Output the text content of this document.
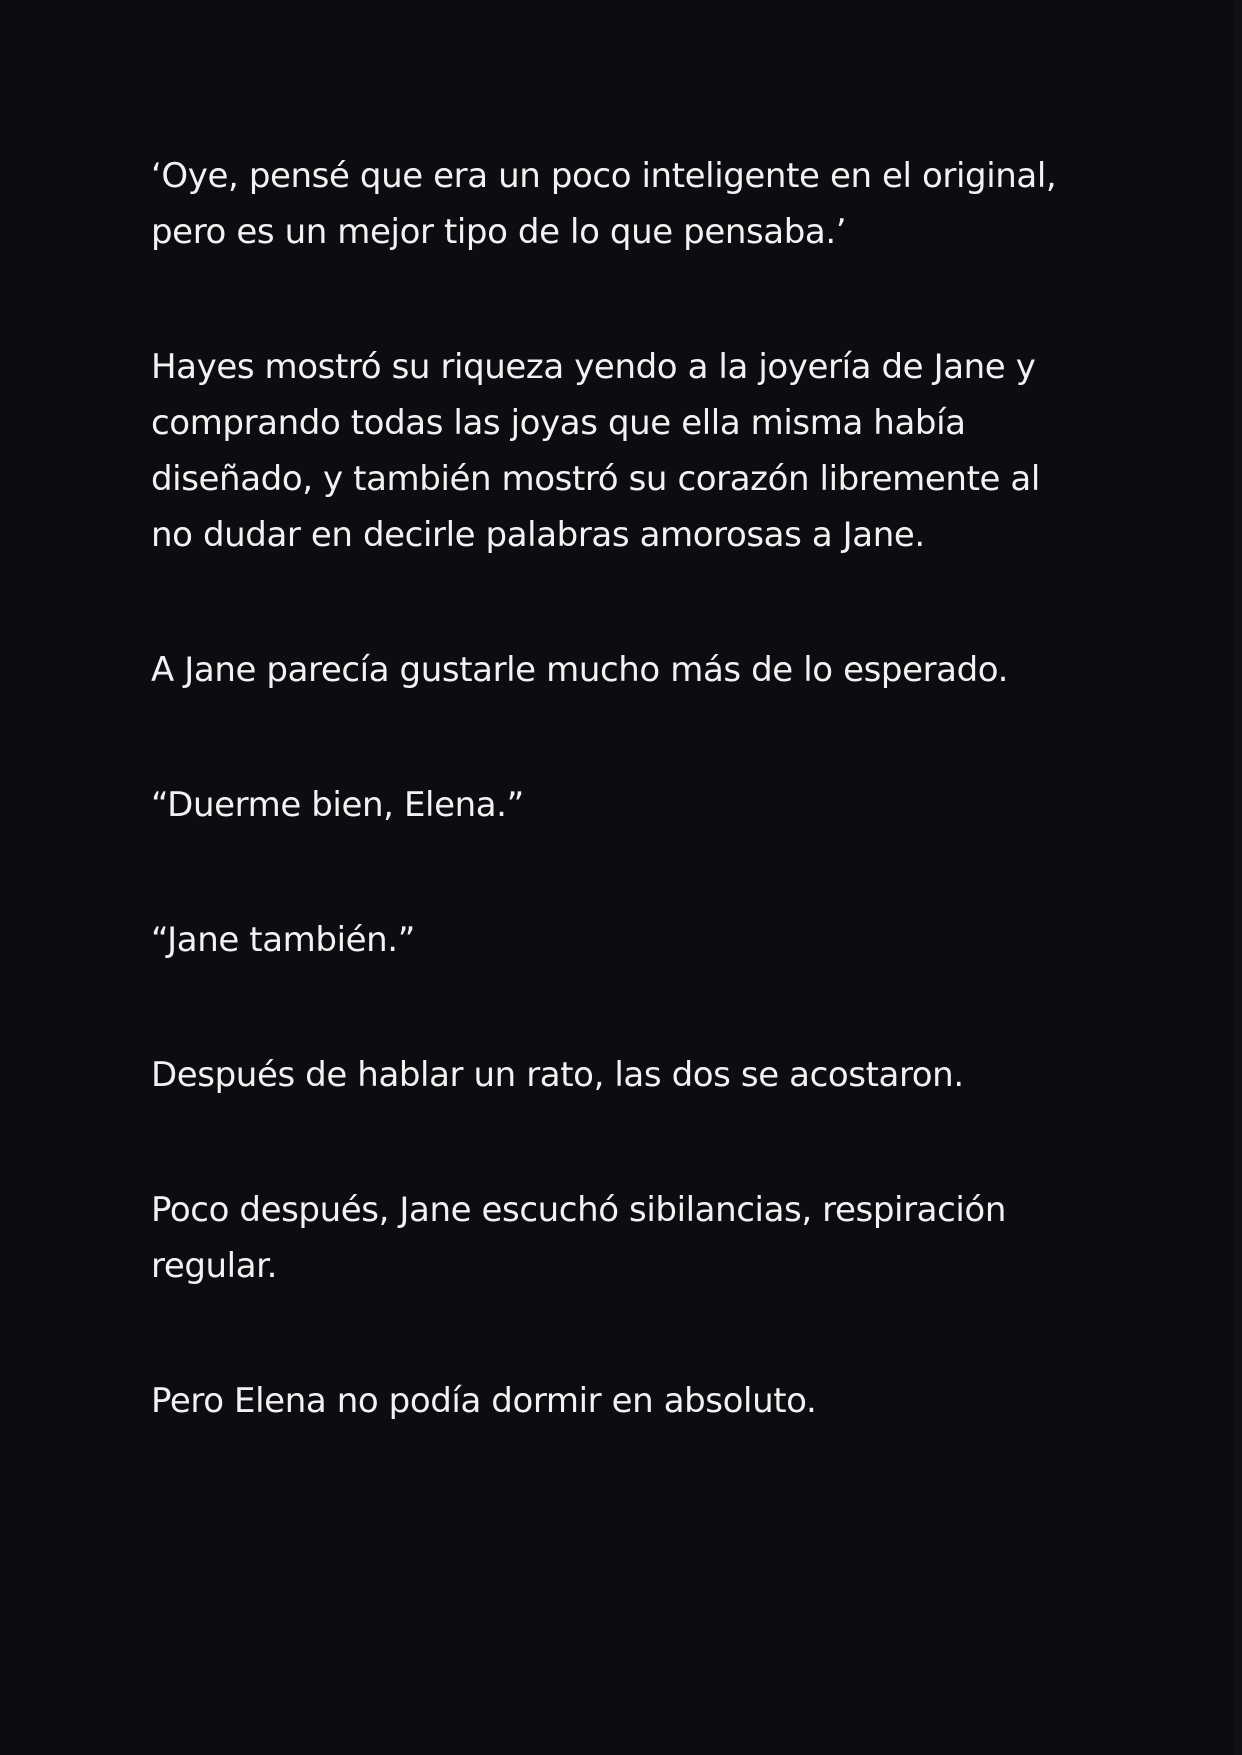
‘Oye, pensé que era un poco inteligente en el original, pero es un mejor tipo de lo que pensaba.’

Hayes mostró su riqueza yendo a la joyería de Jane y comprando todas las joyas que ella misma había diseñado, y también mostró su corazón libremente al no dudar en decirle palabras amorosas a Jane.

A Jane parecía gustarle mucho más de lo esperado.

“Duerme bien, Elena.”

“Jane también.”

Después de hablar un rato, las dos se acostaron.

Poco después, Jane escuchó sibilancias, respiración regular.

Pero Elena no podía dormir en absoluto.
